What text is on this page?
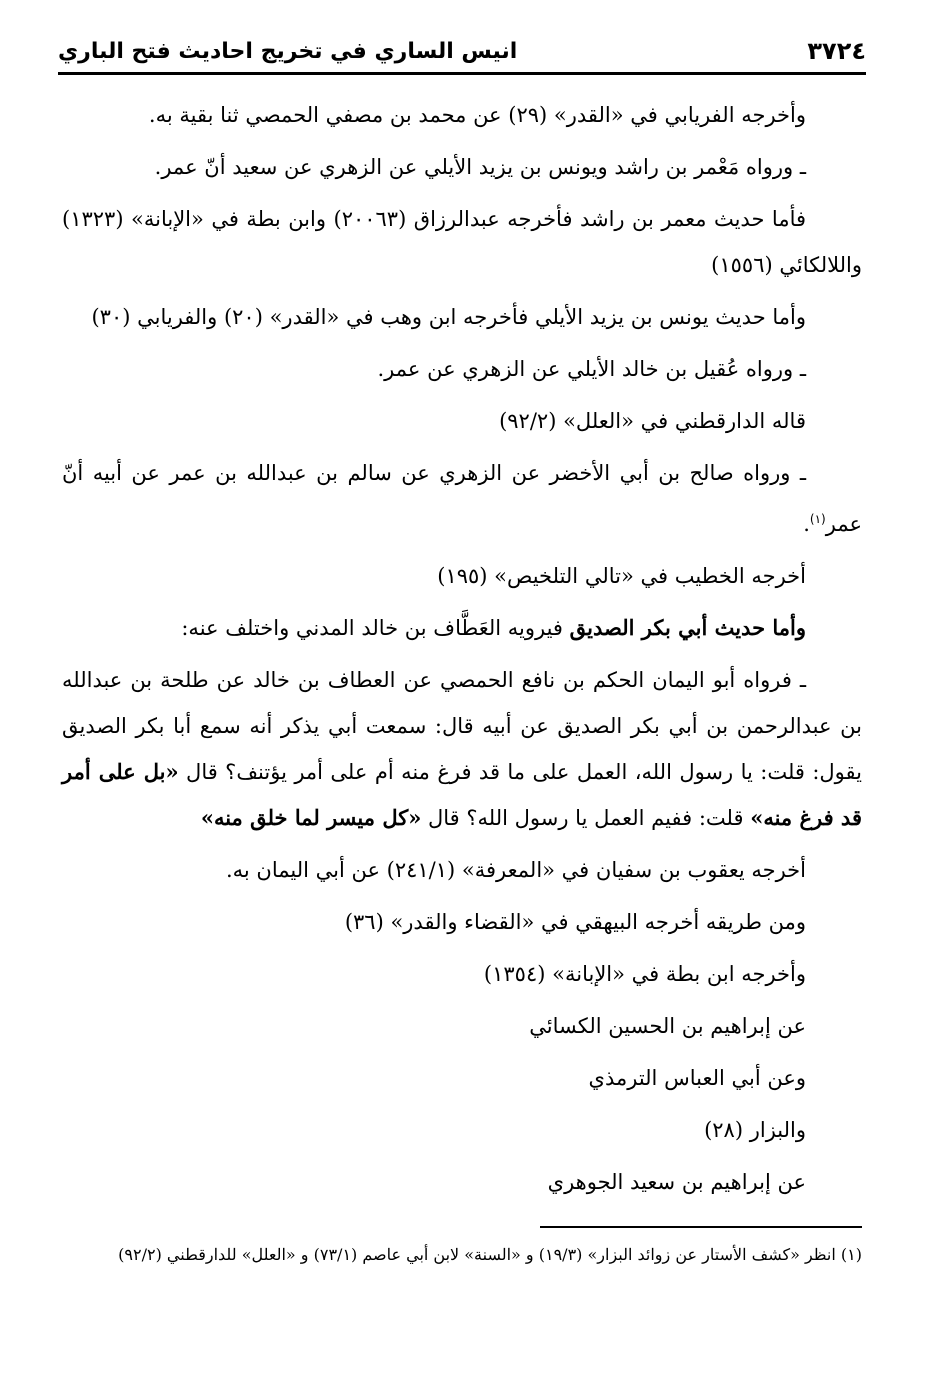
٣٧٢٤
انيس الساري في تخريج احاديث فتح الباري

وأخرجه الفريابي في «القدر» (٢٩) عن محمد بن مصفي الحمصي ثنا بقية به.

ـ ورواه مَعْمر بن راشد ويونس بن يزيد الأيلي عن الزهري عن سعيد أنّ عمر.

فأما حديث معمر بن راشد فأخرجه عبدالرزاق (٢٠٠٦٣) وابن بطة في «الإبانة» (١٣٢٣) واللالكائي (١٥٥٦)

وأما حديث يونس بن يزيد الأيلي فأخرجه ابن وهب في «القدر» (٢٠) والفريابي (٣٠)

ـ ورواه عُقيل بن خالد الأيلي عن الزهري عن عمر.

قاله الدارقطني في «العلل» (٩٢/٢)

ـ ورواه صالح بن أبي الأخضر عن الزهري عن سالم بن عبدالله بن عمر عن أبيه أنّ عمر$^{(١)}$.

أخرجه الخطيب في «تالي التلخيص» (١٩٥)

وأما حديث أبي بكر الصديق فيرويه العَطَّاف بن خالد المدني واختلف عنه:

ـ فرواه أبو اليمان الحكم بن نافع الحمصي عن العطاف بن خالد عن طلحة بن عبدالله بن عبدالرحمن بن أبي بكر الصديق عن أبيه قال: سمعت أبي يذكر أنه سمع أبا بكر الصديق يقول: قلت: يا رسول الله، العمل على ما قد فرغ منه أم على أمر يؤتنف؟ قال «بل على أمر قد فرغ منه» قلت: ففيم العمل يا رسول الله؟ قال «كل ميسر لما خلق منه»

أخرجه يعقوب بن سفيان في «المعرفة» (٢٤١/١) عن أبي اليمان به.

ومن طريقه أخرجه البيهقي في «القضاء والقدر» (٣٦)

وأخرجه ابن بطة في «الإبانة» (١٣٥٤)

عن إبراهيم بن الحسين الكسائي

وعن أبي العباس الترمذي

والبزار (٢٨)

عن إبراهيم بن سعيد الجوهري

(١) انظر «كشف الأستار عن زوائد البزار» (١٩/٣) و «السنة» لابن أبي عاصم (٧٣/١) و «العلل» للدارقطني (٩٢/٢)
